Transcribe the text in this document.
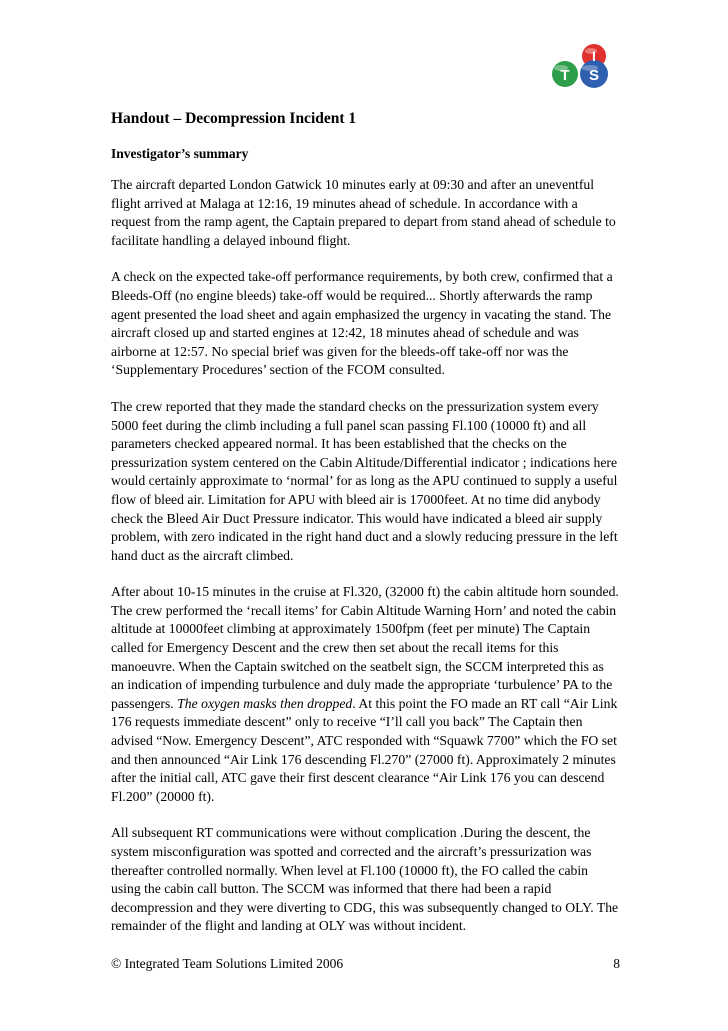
I
T S
Handout – Decompression Incident 1
Investigator’s summary

The aircraft departed London Gatwick 10 minutes early at 09:30 and after an uneventful flight arrived at Malaga at 12:16, 19 minutes ahead of schedule. In accordance with a request from the ramp agent, the Captain prepared to depart from stand ahead of schedule to facilitate handling a delayed inbound flight.

A check on the expected take-off performance requirements, by both crew, confirmed that a Bleeds-Off (no engine bleeds) take-off would be required... Shortly afterwards the ramp agent presented the load sheet and again emphasized the urgency in vacating the stand. The aircraft closed up and started engines at 12:42, 18 minutes ahead of schedule and was airborne at 12:57. No special brief was given for the bleeds-off take-off nor was the ‘Supplementary Procedures’ section of the FCOM consulted.

The crew reported that they made the standard checks on the pressurization system every 5000 feet during the climb including a full panel scan passing Fl.100 (10000 ft) and all parameters checked appeared normal. It has been established that the checks on the pressurization system centered on the Cabin Altitude/Differential indicator ; indications here would certainly approximate to ‘normal’ for as long as the APU continued to supply a useful flow of bleed air. Limitation for APU with bleed air is 17000feet. At no time did anybody check the Bleed Air Duct Pressure indicator. This would have indicated a bleed air supply problem, with zero indicated in the right hand duct and a slowly reducing pressure in the left hand duct as the aircraft climbed.

After about 10-15 minutes in the cruise at Fl.320, (32000 ft) the cabin altitude horn sounded. The crew performed the ‘recall items’ for Cabin Altitude Warning Horn’ and noted the cabin altitude at 10000feet climbing at approximately 1500fpm (feet per minute) The Captain called for Emergency Descent and the crew then set about the recall items for this manoeuvre. When the Captain switched on the seatbelt sign, the SCCM interpreted this as an indication of impending turbulence and duly made the appropriate ‘turbulence’ PA to the passengers. The oxygen masks then dropped. At this point the FO made an RT call “Air Link 176 requests immediate descent” only to receive “I’ll call you back” The Captain then advised “Now. Emergency Descent”, ATC responded with “Squawk 7700” which the FO set and then announced “Air Link 176 descending Fl.270” (27000 ft). Approximately 2 minutes after the initial call, ATC gave their first descent clearance “Air Link 176 you can descend Fl.200” (20000 ft).

All subsequent RT communications were without complication .During the descent, the system misconfiguration was spotted and corrected and the aircraft’s pressurization was thereafter controlled normally. When level at Fl.100 (10000 ft), the FO called the cabin using the cabin call button. The SCCM was informed that there had been a rapid decompression and they were diverting to CDG, this was subsequently changed to OLY. The remainder of the flight and landing at OLY was without incident.

© Integrated Team Solutions Limited 2006	8
